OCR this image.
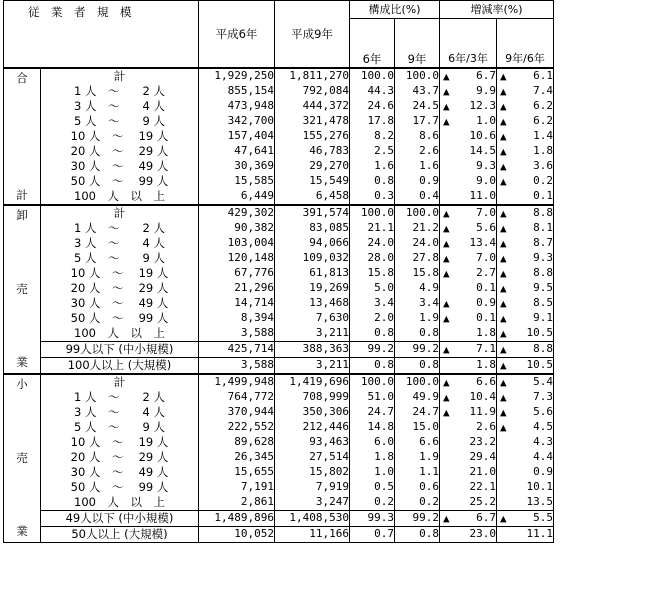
従　業　者　規　模		平成6年	平成9年	構成比(%)		増減率(%)	

				6年	9年	6年/3年	9年/6年

合
計	計	1,929,250	1,811,270	100.0	100.0	▲ 6.7	▲ 6.1
	1 人　～　　2 人	855,154	792,084	44.3	43.7	▲ 9.9	▲ 7.4
	3 人　～　　4 人	473,948	444,372	24.6	24.5	▲ 12.3	▲ 6.2
	5 人　～　　9 人	342,700	321,478	17.8	17.7	▲ 1.0	▲ 6.2
	10 人　～　 19 人	157,404	155,276	8.2	8.6	10.6	▲ 1.4
	20 人　～　 29 人	47,641	46,783	2.5	2.6	14.5	▲ 1.8
	30 人　～　 49 人	30,369	29,270	1.6	1.6	9.3	▲ 3.6
	50 人　～　 99 人	15,585	15,549	0.8	0.9	9.0	▲ 0.2
	100　人　以　上	6,449	6,458	0.3	0.4	11.0	0.1

卸
売
業	計	429,302	391,574	100.0	100.0	▲ 7.0	▲ 8.8
	1 人　～　　2 人	90,382	83,085	21.1	21.2	▲ 5.6	▲ 8.1
	3 人　～　　4 人	103,004	94,066	24.0	24.0	▲ 13.4	▲ 8.7
	5 人　～　　9 人	120,148	109,032	28.0	27.8	▲ 7.0	▲ 9.3
	10 人　～　 19 人	67,776	61,813	15.8	15.8	▲ 2.7	▲ 8.8
	20 人　～　 29 人	21,296	19,269	5.0	4.9	0.1	▲ 9.5
	30 人　～　 49 人	14,714	13,468	3.4	3.4	▲ 0.9	▲ 8.5
	50 人　～　 99 人	8,394	7,630	2.0	1.9	▲ 0.1	▲ 9.1
	100　人　以　上	3,588	3,211	0.8	0.8	1.8	▲ 10.5
	99人以下 (中小規模)	425,714	388,363	99.2	99.2	▲ 7.1	▲ 8.8
	100人以上 (大規模)	3,588	3,211	0.8	0.8	1.8	▲ 10.5

小
売
業	計	1,499,948	1,419,696	100.0	100.0	▲ 6.6	▲ 5.4
	1 人　～　　2 人	764,772	708,999	51.0	49.9	▲ 10.4	▲ 7.3
	3 人　～　　4 人	370,944	350,306	24.7	24.7	▲ 11.9	▲ 5.6
	5 人　～　　9 人	222,552	212,446	14.8	15.0	2.6	▲ 4.5
	10 人　～　 19 人	89,628	93,463	6.0	6.6	23.2	4.3
	20 人　～　 29 人	26,345	27,514	1.8	1.9	29.4	4.4
	30 人　～　 49 人	15,655	15,802	1.0	1.1	21.0	0.9
	50 人　～　 99 人	7,191	7,919	0.5	0.6	22.1	10.1
	100　人　以　上	2,861	3,247	0.2	0.2	25.2	13.5
	49人以下 (中小規模)	1,489,896	1,408,530	99.3	99.2	▲ 6.7	▲ 5.5
	50人以上 (大規模)	10,052	11,166	0.7	0.8	23.0	11.1
